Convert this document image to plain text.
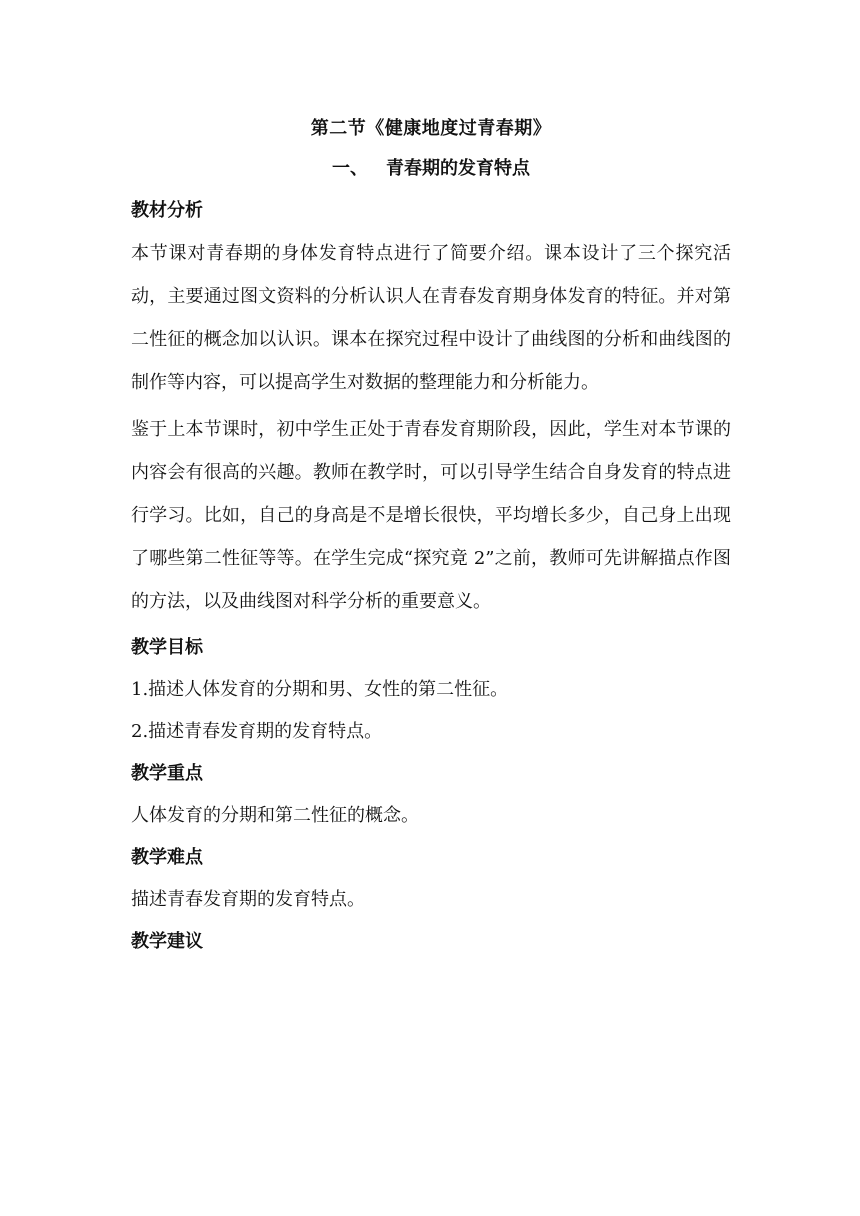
第二节《健康地度过青春期》
一、 青春期的发育特点
教材分析

本节课对青春期的身体发育特点进行了简要介绍。课本设计了三个探究活动，主要通过图文资料的分析认识人在青春发育期身体发育的特征。并对第二性征的概念加以认识。课本在探究过程中设计了曲线图的分析和曲线图的制作等内容，可以提高学生对数据的整理能力和分析能力。

鉴于上本节课时，初中学生正处于青春发育期阶段，因此，学生对本节课的内容会有很高的兴趣。教师在教学时，可以引导学生结合自身发育的特点进行学习。比如，自己的身高是不是增长很快，平均增长多少，自己身上出现了哪些第二性征等等。在学生完成“探究竟 2”之前，教师可先讲解描点作图的方法，以及曲线图对科学分析的重要意义。

教学目标
1.描述人体发育的分期和男、女性的第二性征。
2.描述青春发育期的发育特点。
教学重点
人体发育的分期和第二性征的概念。
教学难点
描述青春发育期的发育特点。
教学建议
